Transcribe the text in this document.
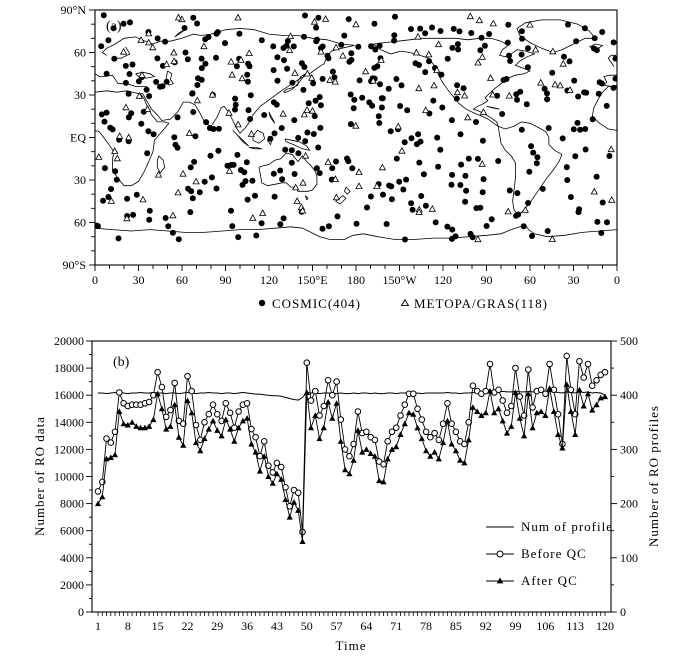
0	30	60	90 120 150°E 180 150°W 120 90	60	30	0
90°N
60
30
EQ
30
60
90°S
(a)
COSMIC(404)	METOPA/GRAS(118)
0
2000
4000
6000
8000
10000
12000
14000
16000
18000
20000
0
100
200
300
400
500
1 8 15 22 29 36 43 50 57 64 71 78 85 92 99 106 113 120
(b)
Number of RO data	Number of RO profiles
Time
Num of profile
Before QC
After QC
